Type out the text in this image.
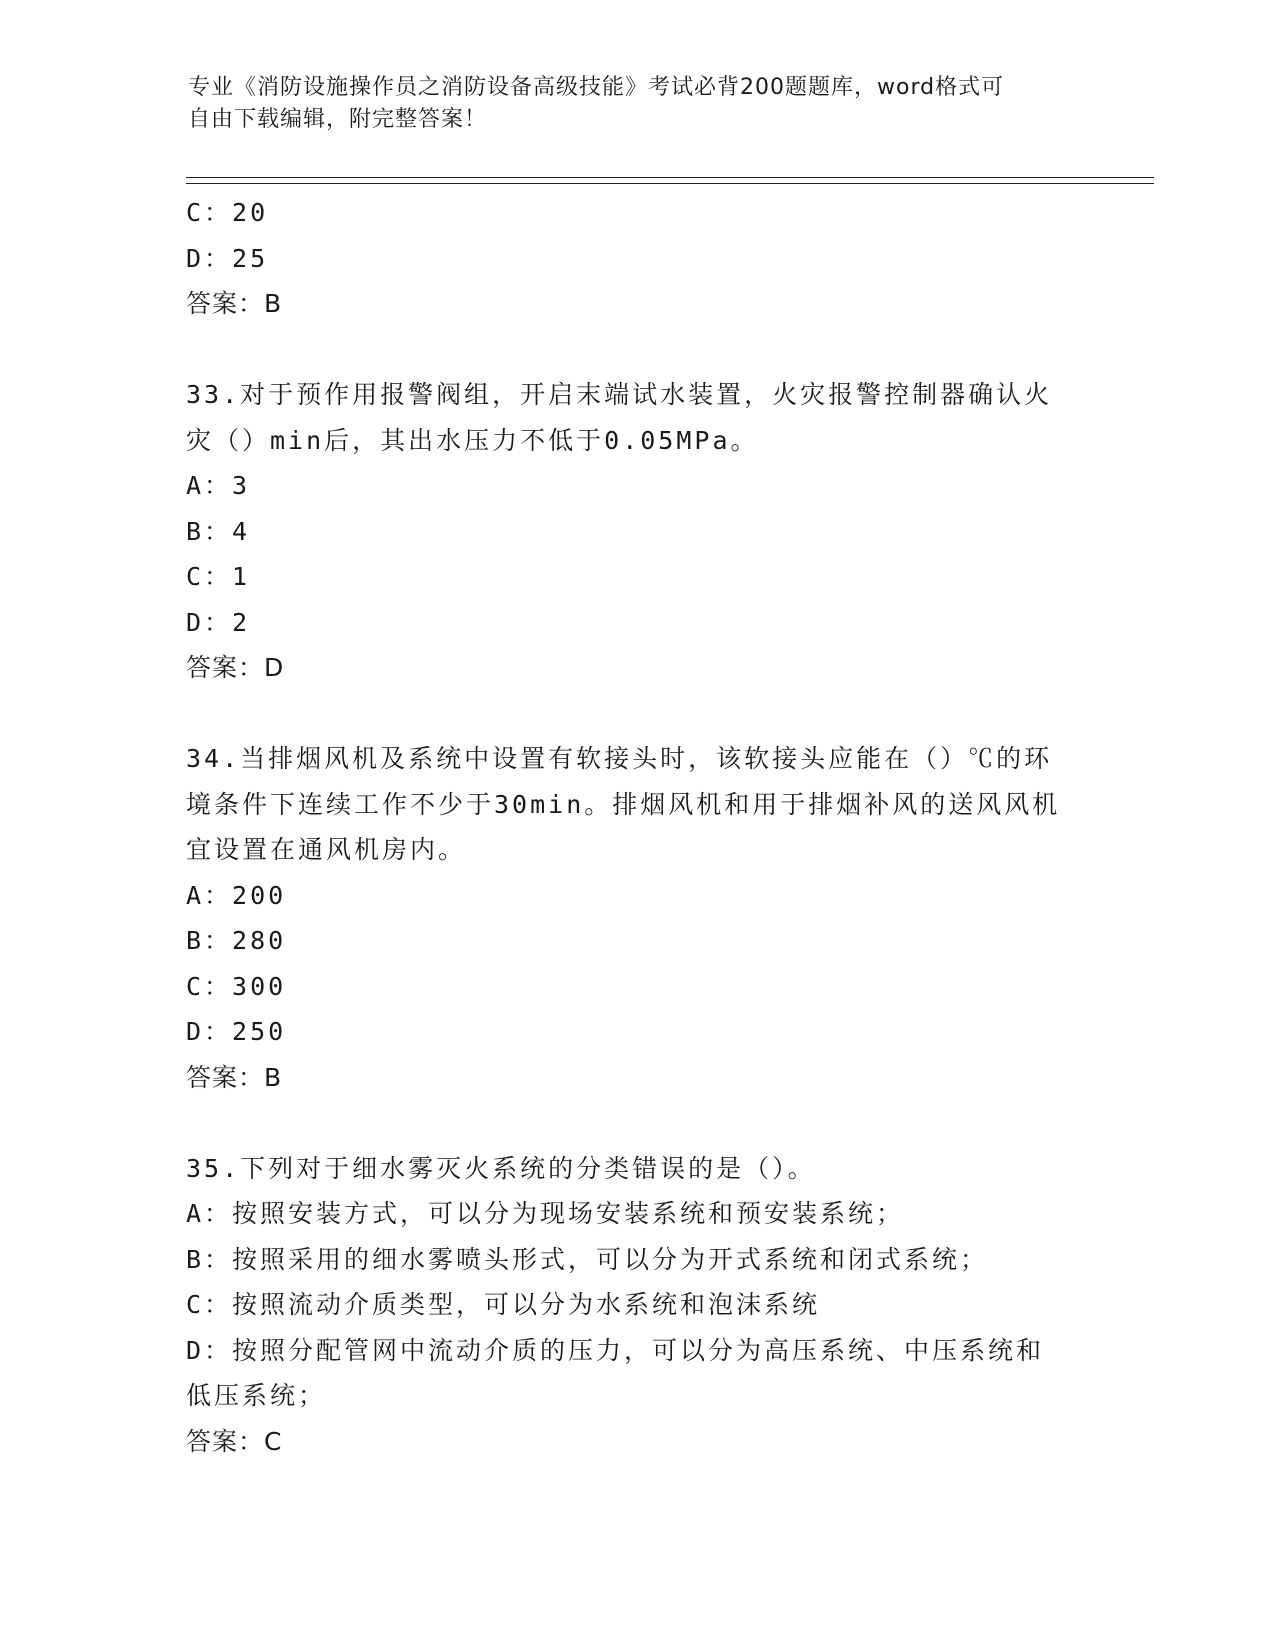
专业《消防设施操作员之消防设备高级技能》考试必背200题题库，word格式可
自由下载编辑，附完整答案！
C：20
D：25
答案：B
33.对于预作用报警阀组，开启末端试水装置，火灾报警控制器确认火
灾（）min后，其出水压力不低于0.05MPa。
A：3
B：4
C：1
D：2
答案：D
34.当排烟风机及系统中设置有软接头时，该软接头应能在（）℃的环
境条件下连续工作不少于30min。排烟风机和用于排烟补风的送风风机
宜设置在通风机房内。
A：200
B：280
C：300
D：250
答案：B
35.下列对于细水雾灭火系统的分类错误的是（）。
A：按照安装方式，可以分为现场安装系统和预安装系统；
B：按照采用的细水雾喷头形式，可以分为开式系统和闭式系统；
C：按照流动介质类型，可以分为水系统和泡沫系统
D：按照分配管网中流动介质的压力，可以分为高压系统、中压系统和
低压系统；
答案：C
